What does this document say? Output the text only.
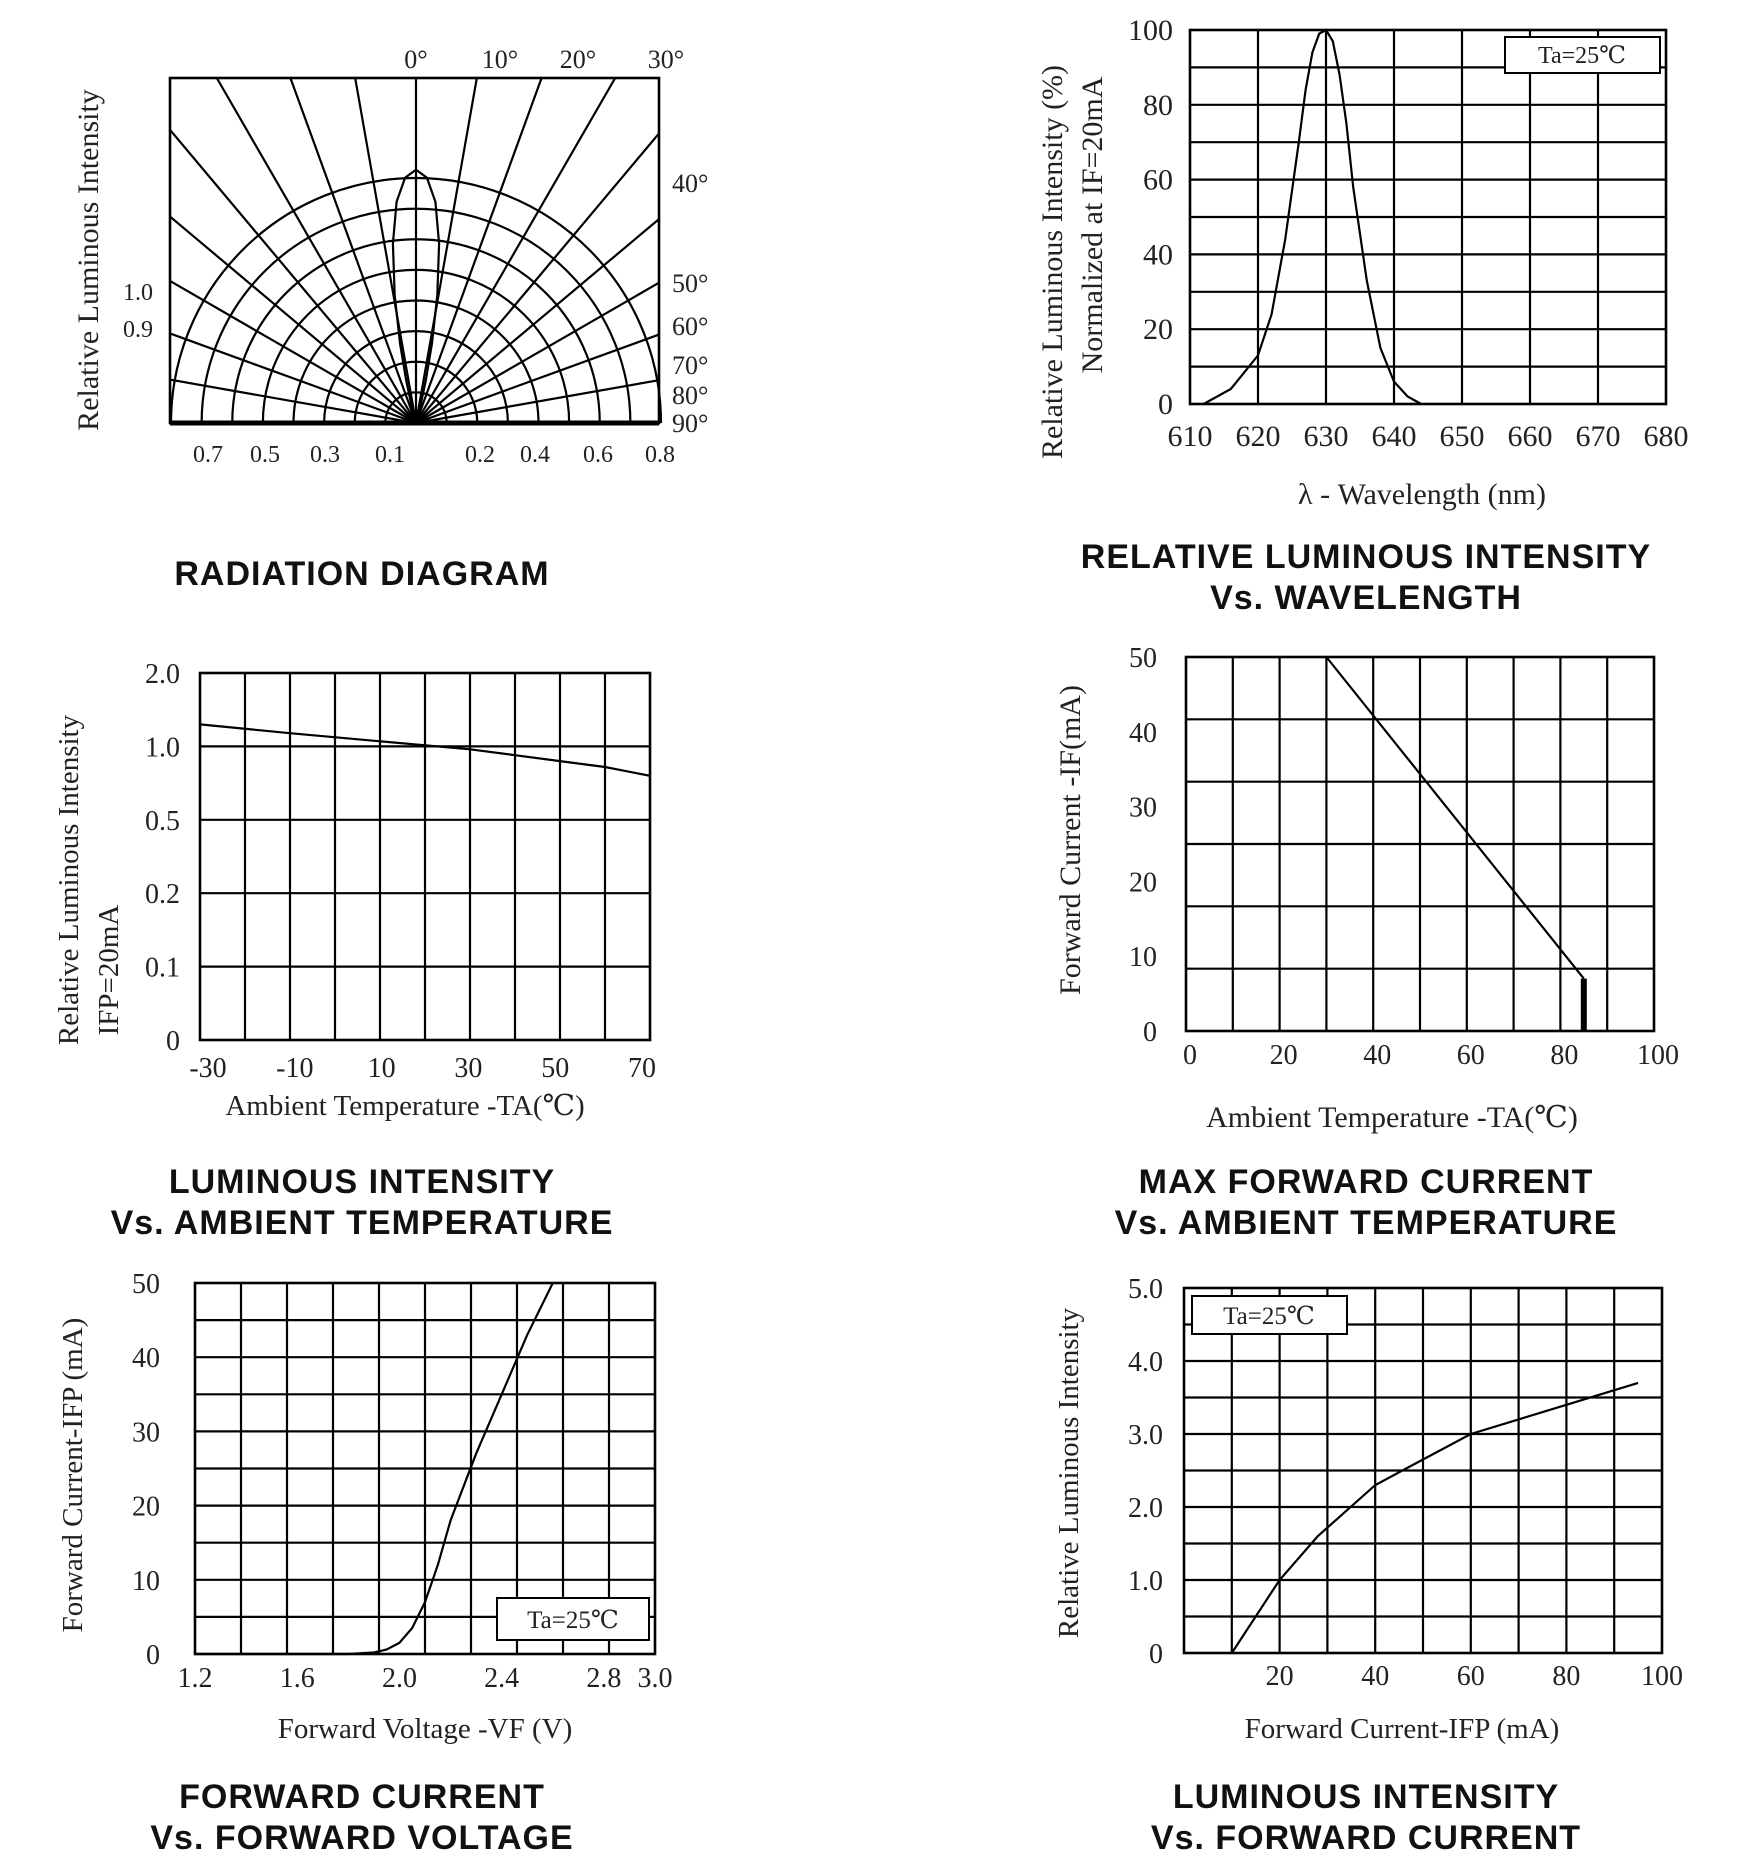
Relative Luminous Intensity
0° 10° 20° 30°
40°
50°
60°
70°
80°
90°
1.0
0.9
0.7 0.5 0.3 0.1	0.2 0.4 0.6 0.8
RADIATION DIAGRAM
Ta=25℃
610 620 630 640 650 660 670 680
0
20
40
60
80
100
Relative Luminous Intensity (%) Normalized at IF=20mA
λ - Wavelength (nm)
RELATIVE LUMINOUS INTENSITY
Vs. WAVELENGTH
-30 -10 10 30 50 70
0
0.1
0.2
0.5
1.0
2.0
Relative Luminous Intensity IFP=20mA
Ambient Temperature -TA(℃)
LUMINOUS INTENSITY
Vs. AMBIENT TEMPERATURE
0	20 40 60 80 100
0
10
20
30
40
50
Forward Current -IF(mA)
Ambient Temperature -TA(℃)
MAX FORWARD CURRENT
Vs. AMBIENT TEMPERATURE
Ta=25℃
1.2 1.6 2.0 2.4 2.8 3.0
0
10
20
30
40
50
Forward Current-IFP (mA)
Forward Voltage -VF (V)
FORWARD CURRENT
Vs. FORWARD VOLTAGE
Ta=25℃
20 40 60 80 100
0
1.0
2.0
3.0
4.0
5.0
Relative Luminous Intensity
Forward Current-IFP (mA)
LUMINOUS INTENSITY
Vs. FORWARD CURRENT
